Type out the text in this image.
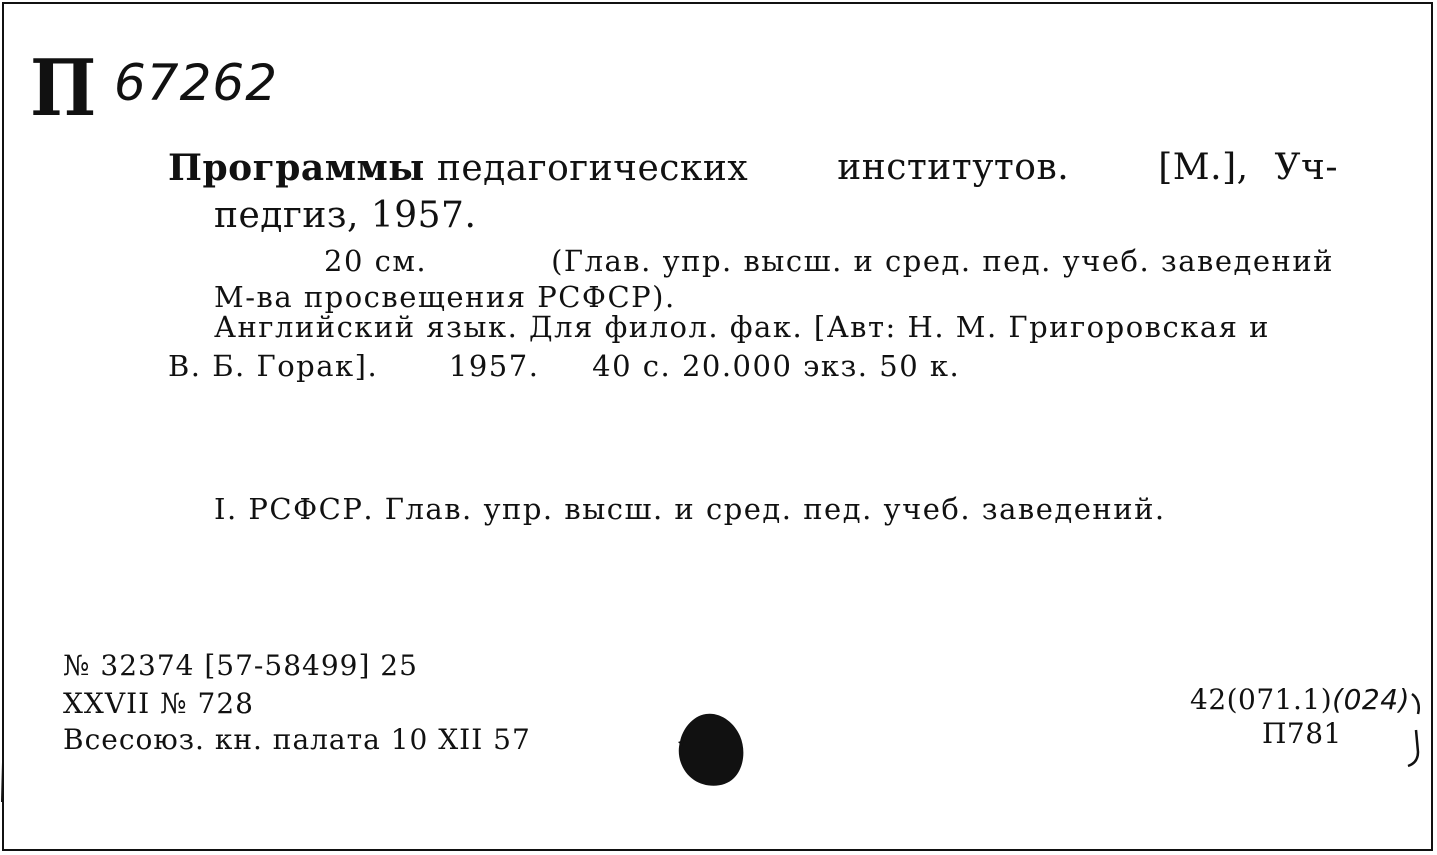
П 67262
Программы педагогических институтов. [М.], Уч-
педгиз, 1957.
20 см.	(Глав. упр. высш. и сред. пед. учеб. заведений
М-ва просвещения РСФСР).
Английский язык. Для филол. фак. [Авт: Н. М. Григоровская и
В. Б. Горак]. 1957. 40 с. 20.000 экз. 50 к.
I. РСФСР. Глав. упр. высш. и сред. пед. учеб. заведений.
№ 32374 [57-58499] 25
XXVII № 728
Всесоюз. кн. палата 10 XII 57
42(071.1)(024)
П781
